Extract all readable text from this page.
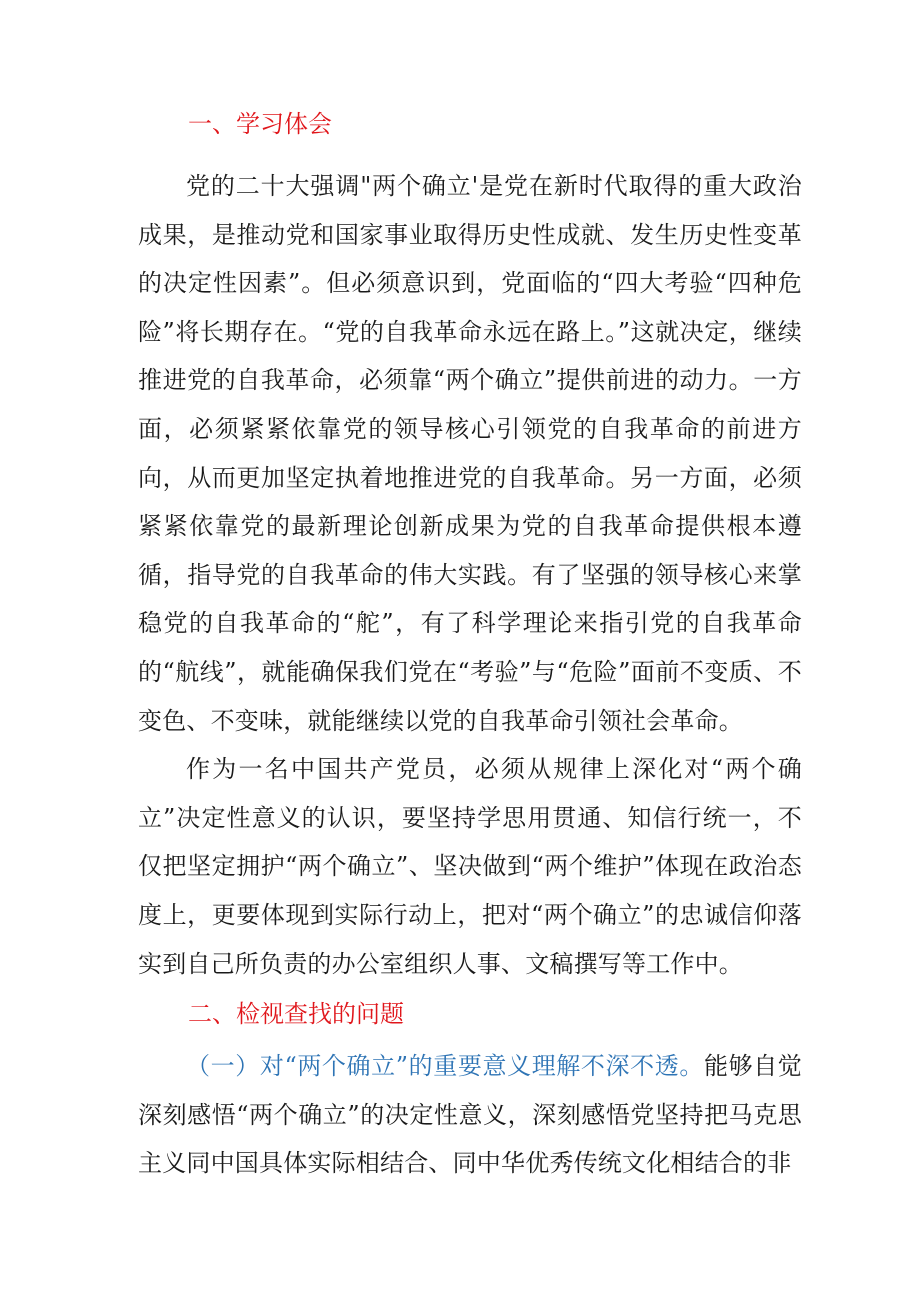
一、学习体会

党的二十大强调"两个确立'是党在新时代取得的重大政治成果，是推动党和国家事业取得历史性成就、发生历史性变革的决定性因素”。但必须意识到，党面临的“四大考验“四种危险”将长期存在。“党的自我革命永远在路上。”这就决定，继续推进党的自我革命，必须靠“两个确立”提供前进的动力。一方面，必须紧紧依靠党的领导核心引领党的自我革命的前进方向，从而更加坚定执着地推进党的自我革命。另一方面，必须紧紧依靠党的最新理论创新成果为党的自我革命提供根本遵循，指导党的自我革命的伟大实践。有了坚强的领导核心来掌稳党的自我革命的“舵”，有了科学理论来指引党的自我革命的“航线”，就能确保我们党在“考验”与“危险”面前不变质、不变色、不变味，就能继续以党的自我革命引领社会革命。

作为一名中国共产党员，必须从规律上深化对“两个确立”决定性意义的认识，要坚持学思用贯通、知信行统一，不仅把坚定拥护“两个确立”、坚决做到“两个维护”体现在政治态度上，更要体现到实际行动上，把对“两个确立”的忠诚信仰落实到自己所负责的办公室组织人事、文稿撰写等工作中。

二、检视查找的问题

（一）对“两个确立”的重要意义理解不深不透。能够自觉深刻感悟“两个确立”的决定性意义，深刻感悟党坚持把马克思主义同中国具体实际相结合、同中华优秀传统文化相结合的非
